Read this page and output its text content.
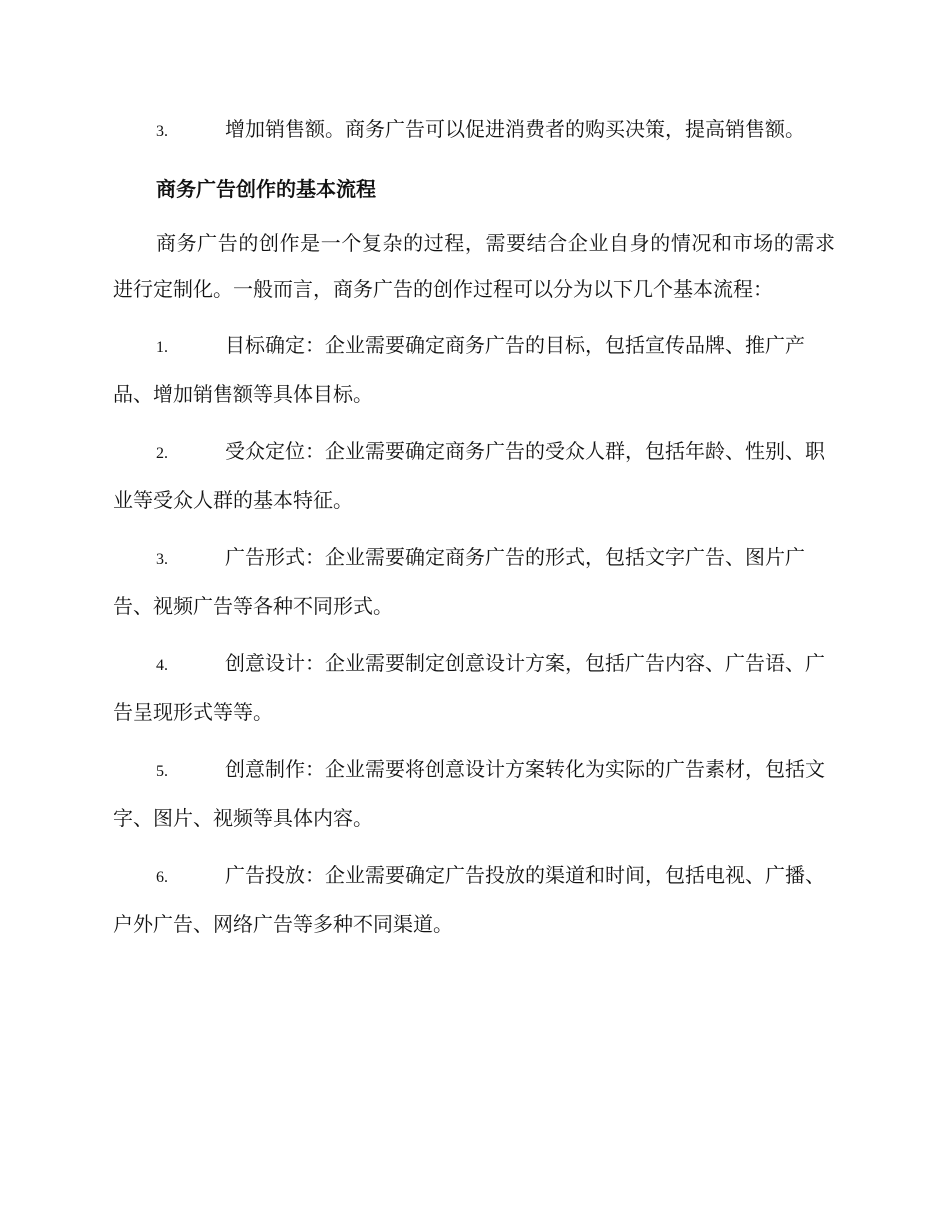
3.	增加销售额。商务广告可以促进消费者的购买决策，提高销售额。

商务广告创作的基本流程

商务广告的创作是一个复杂的过程，需要结合企业自身的情况和市场的需求进行定制化。一般而言，商务广告的创作过程可以分为以下几个基本流程：

1.	目标确定：企业需要确定商务广告的目标，包括宣传品牌、推广产品、增加销售额等具体目标。

2.	受众定位：企业需要确定商务广告的受众人群，包括年龄、性别、职业等受众人群的基本特征。

3.	广告形式：企业需要确定商务广告的形式，包括文字广告、图片广告、视频广告等各种不同形式。

4.	创意设计：企业需要制定创意设计方案，包括广告内容、广告语、广告呈现形式等等。

5.	创意制作：企业需要将创意设计方案转化为实际的广告素材，包括文字、图片、视频等具体内容。

6.	广告投放：企业需要确定广告投放的渠道和时间，包括电视、广播、户外广告、网络广告等多种不同渠道。
